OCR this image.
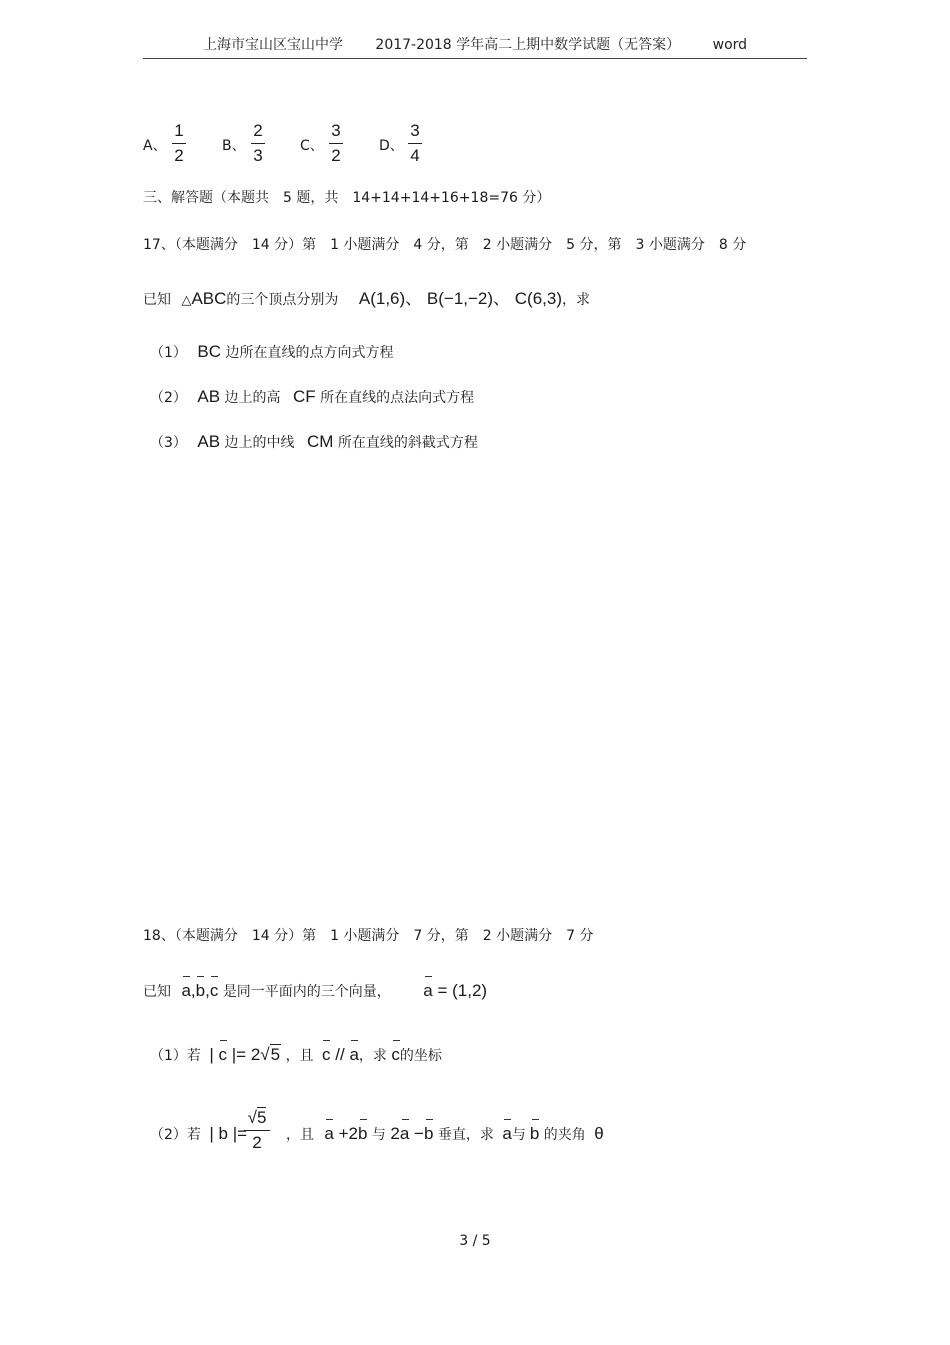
上海市宝山区宝山中学 2017-2018 学年高二上期中数学试题（无答案） word
A、
1
2	B、
2
3	C、
3
2	D、
3
4
三、解答题（本题共　5 题，共　14+14+14+16+18=76 分）
17、（本题满分　14 分）第　1 小题满分　4 分，第　2 小题满分　5 分，第　3 小题满分　8 分
已知 △ABC的三个顶点分别为 A(1,6)、 B(−1,−2)、 C(6,3)，求
（1） BC 边所在直线的点方向式方程
（2） AB 边上的高 CF 所在直线的点法向式方程
（3） AB 边上的中线 CM 所在直线的斜截式方程
18、（本题满分　14 分）第　1 小题满分　7 分，第　2 小题满分　7 分
已知 a,b,c 是同一平面内的三个向量， a = (1,2)
（1）若 | c |= 2√5 ，且 c // a，求 c的坐标
（2）若 | b |=	，且 a +2b 与 2a −b 垂直，求 a与 b 的夹角 θ
√5
2
3 / 5
